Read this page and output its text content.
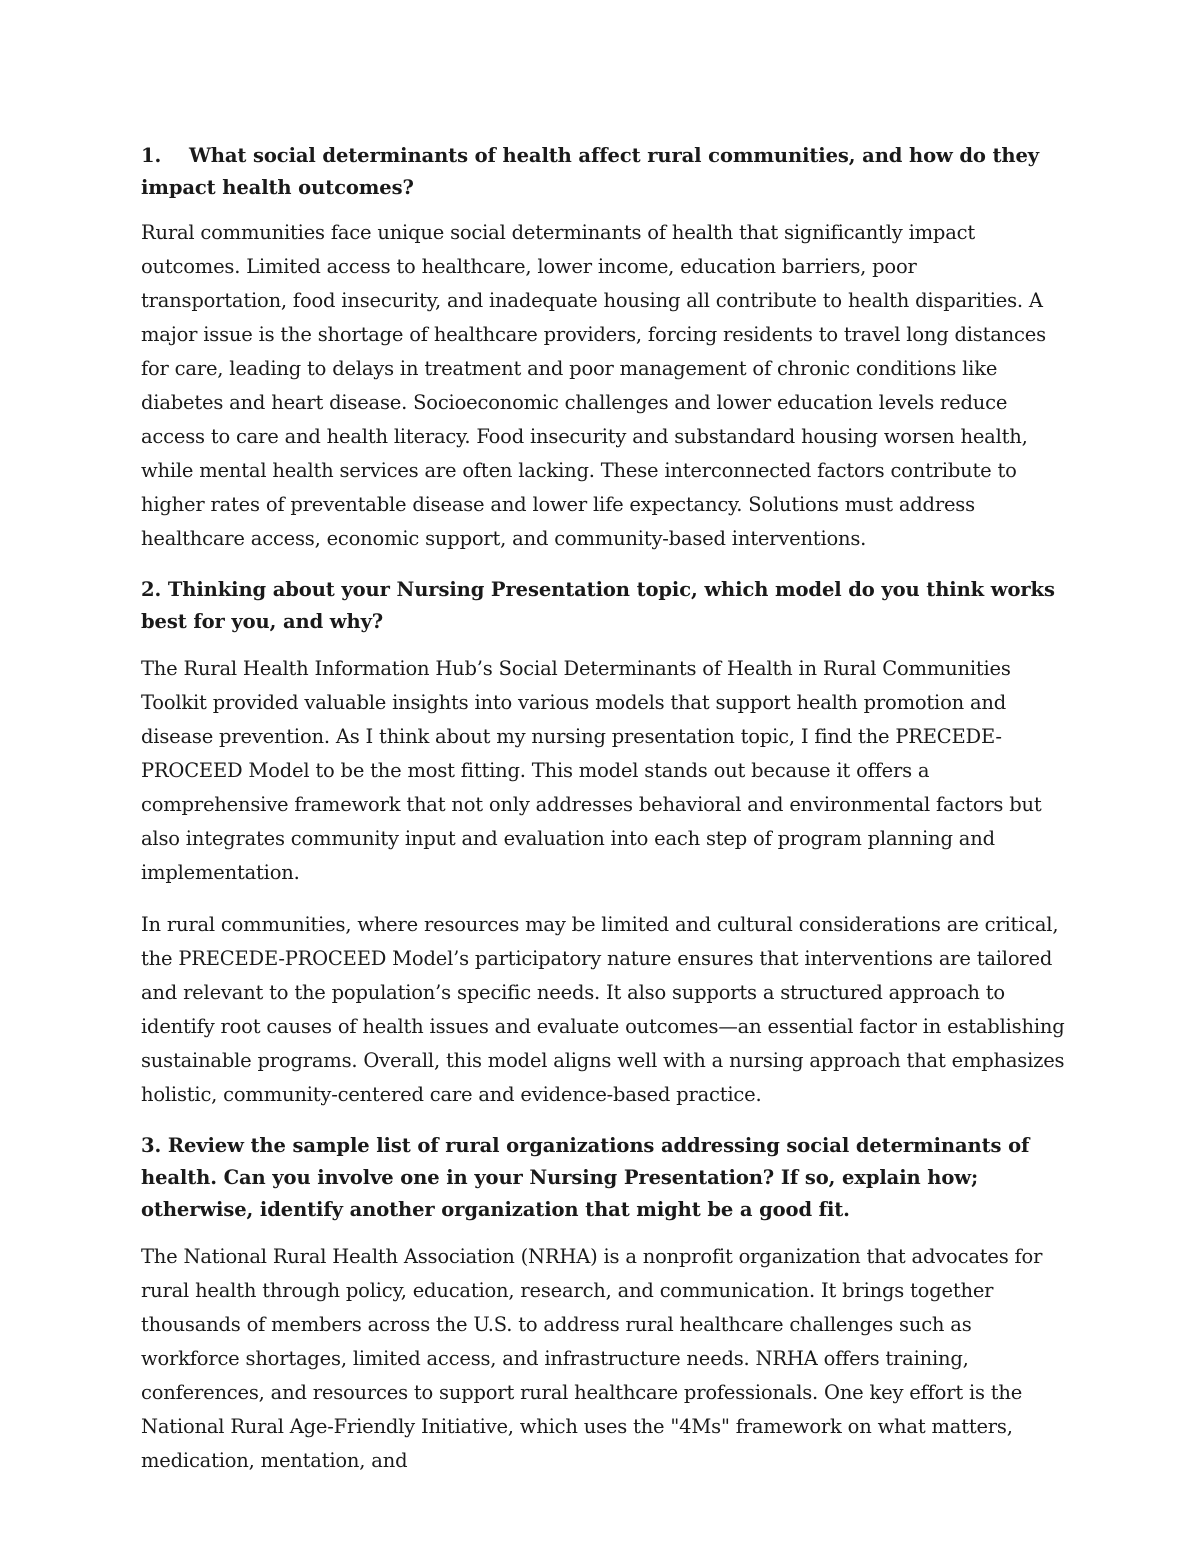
1. What social determinants of health affect rural communities, and how do they impact health outcomes?

Rural communities face unique social determinants of health that significantly impact outcomes. Limited access to healthcare, lower income, education barriers, poor transportation, food insecurity, and inadequate housing all contribute to health disparities. A major issue is the shortage of healthcare providers, forcing residents to travel long distances for care, leading to delays in treatment and poor management of chronic conditions like diabetes and heart disease. Socioeconomic challenges and lower education levels reduce access to care and health literacy. Food insecurity and substandard housing worsen health, while mental health services are often lacking. These interconnected factors contribute to higher rates of preventable disease and lower life expectancy. Solutions must address healthcare access, economic support, and community-based interventions.

2. Thinking about your Nursing Presentation topic, which model do you think works best for you, and why?

The Rural Health Information Hub’s Social Determinants of Health in Rural Communities Toolkit provided valuable insights into various models that support health promotion and disease prevention. As I think about my nursing presentation topic, I find the PRECEDE-PROCEED Model to be the most fitting. This model stands out because it offers a comprehensive framework that not only addresses behavioral and environmental factors but also integrates community input and evaluation into each step of program planning and implementation.

In rural communities, where resources may be limited and cultural considerations are critical, the PRECEDE-PROCEED Model’s participatory nature ensures that interventions are tailored and relevant to the population’s specific needs. It also supports a structured approach to identify root causes of health issues and evaluate outcomes—an essential factor in establishing sustainable programs. Overall, this model aligns well with a nursing approach that emphasizes holistic, community-centered care and evidence-based practice.

3. Review the sample list of rural organizations addressing social determinants of health. Can you involve one in your Nursing Presentation? If so, explain how; otherwise, identify another organization that might be a good fit.

The National Rural Health Association (NRHA) is a nonprofit organization that advocates for rural health through policy, education, research, and communication. It brings together thousands of members across the U.S. to address rural healthcare challenges such as workforce shortages, limited access, and infrastructure needs. NRHA offers training, conferences, and resources to support rural healthcare professionals. One key effort is the National Rural Age-Friendly Initiative, which uses the "4Ms" framework on what matters, medication, mentation, and
